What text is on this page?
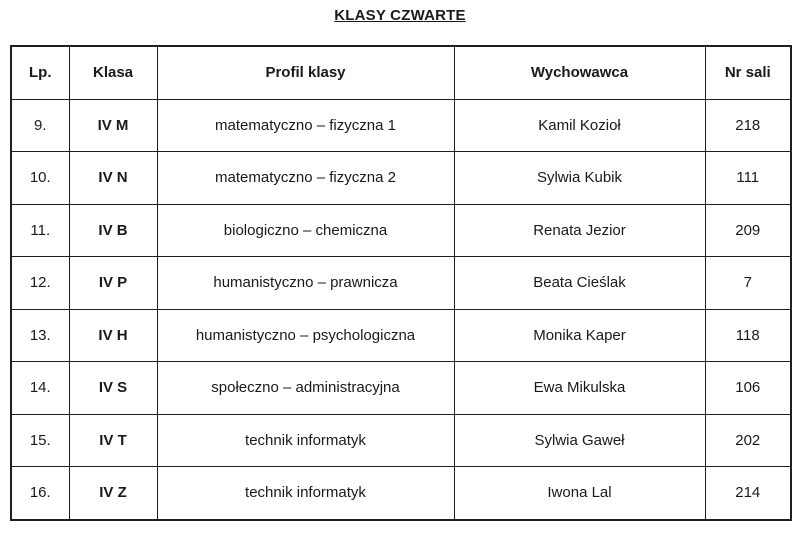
KLASY CZWARTE
Lp.	Klasa	Profil klasy	Wychowawca	Nr sali
9.	IV M	matematyczno – fizyczna 1	Kamil Kozioł	218
10.	IV N	matematyczno – fizyczna 2	Sylwia Kubik	111
11.	IV B	biologiczno – chemiczna	Renata Jezior	209
12.	IV P	humanistyczno – prawnicza	Beata Cieślak	7
13.	IV H	humanistyczno – psychologiczna	Monika Kaper	118
14.	IV S	społeczno – administracyjna	Ewa Mikulska	106
15.	IV T	technik informatyk	Sylwia Gaweł	202
16.	IV Z	technik informatyk	Iwona Lal	214
